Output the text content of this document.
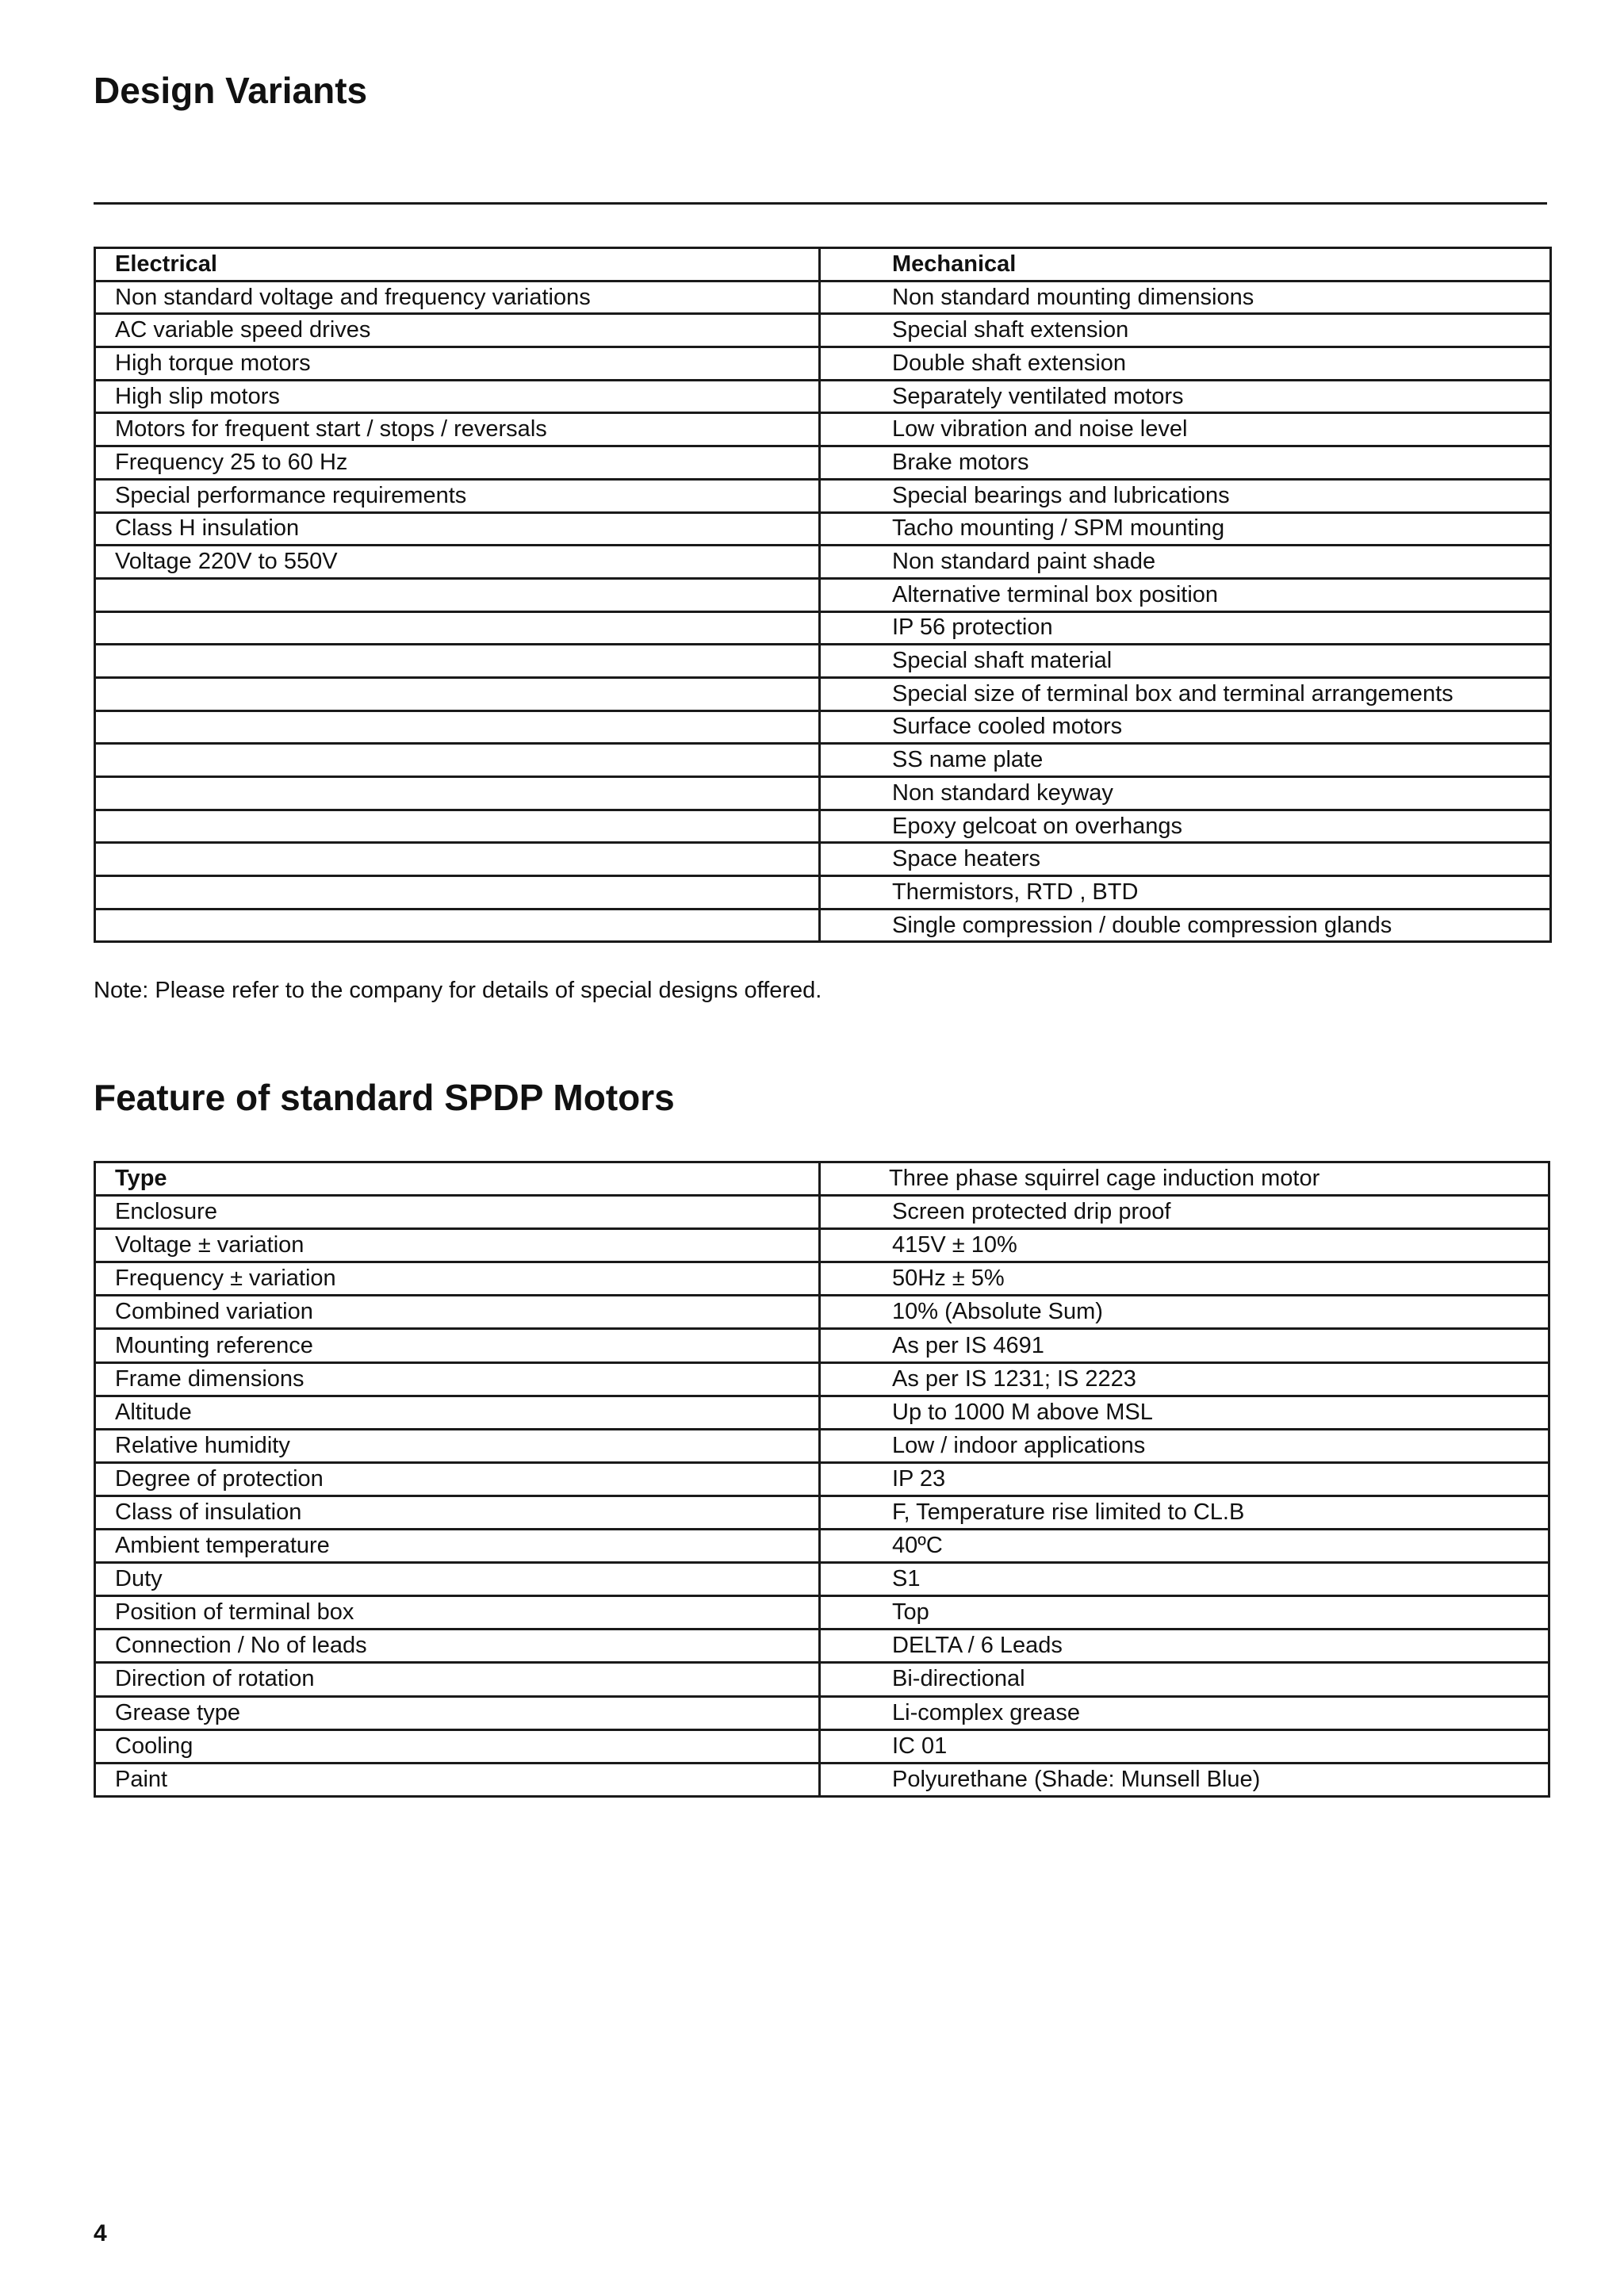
Design Variants
Electrical	Mechanical
Non standard voltage and frequency variations	Non standard mounting dimensions
AC variable speed drives	Special shaft extension
High torque motors	Double shaft extension
High slip motors	Separately ventilated motors
Motors for frequent start / stops / reversals	Low vibration and noise level
Frequency 25 to 60 Hz	Brake motors
Special performance requirements	Special bearings and lubrications
Class H insulation	Tacho mounting / SPM mounting
Voltage 220V to 550V	Non standard paint shade
	Alternative terminal box position
	IP 56 protection
	Special shaft material
	Special size of terminal box and terminal arrangements
	Surface cooled motors
	SS name plate
	Non standard keyway
	Epoxy gelcoat on overhangs
	Space heaters
	Thermistors, RTD , BTD
	Single compression / double compression glands
Note: Please refer to the company for details of special designs offered.
Feature of standard SPDP Motors
Type	Three phase squirrel cage induction motor
Enclosure	Screen protected drip proof
Voltage ± variation	415V ± 10%
Frequency ± variation	50Hz ± 5%
Combined variation	10% (Absolute Sum)
Mounting reference	As per IS 4691
Frame dimensions	As per IS 1231; IS 2223
Altitude	Up to 1000 M above MSL
Relative humidity	Low / indoor applications
Degree of protection	IP 23
Class of insulation	F, Temperature rise limited to CL.B
Ambient temperature	40ºC
Duty	S1
Position of terminal box	Top
Connection / No of leads	DELTA / 6 Leads
Direction of rotation	Bi-directional
Grease type	Li-complex grease
Cooling	IC 01
Paint	Polyurethane (Shade: Munsell Blue)
4
